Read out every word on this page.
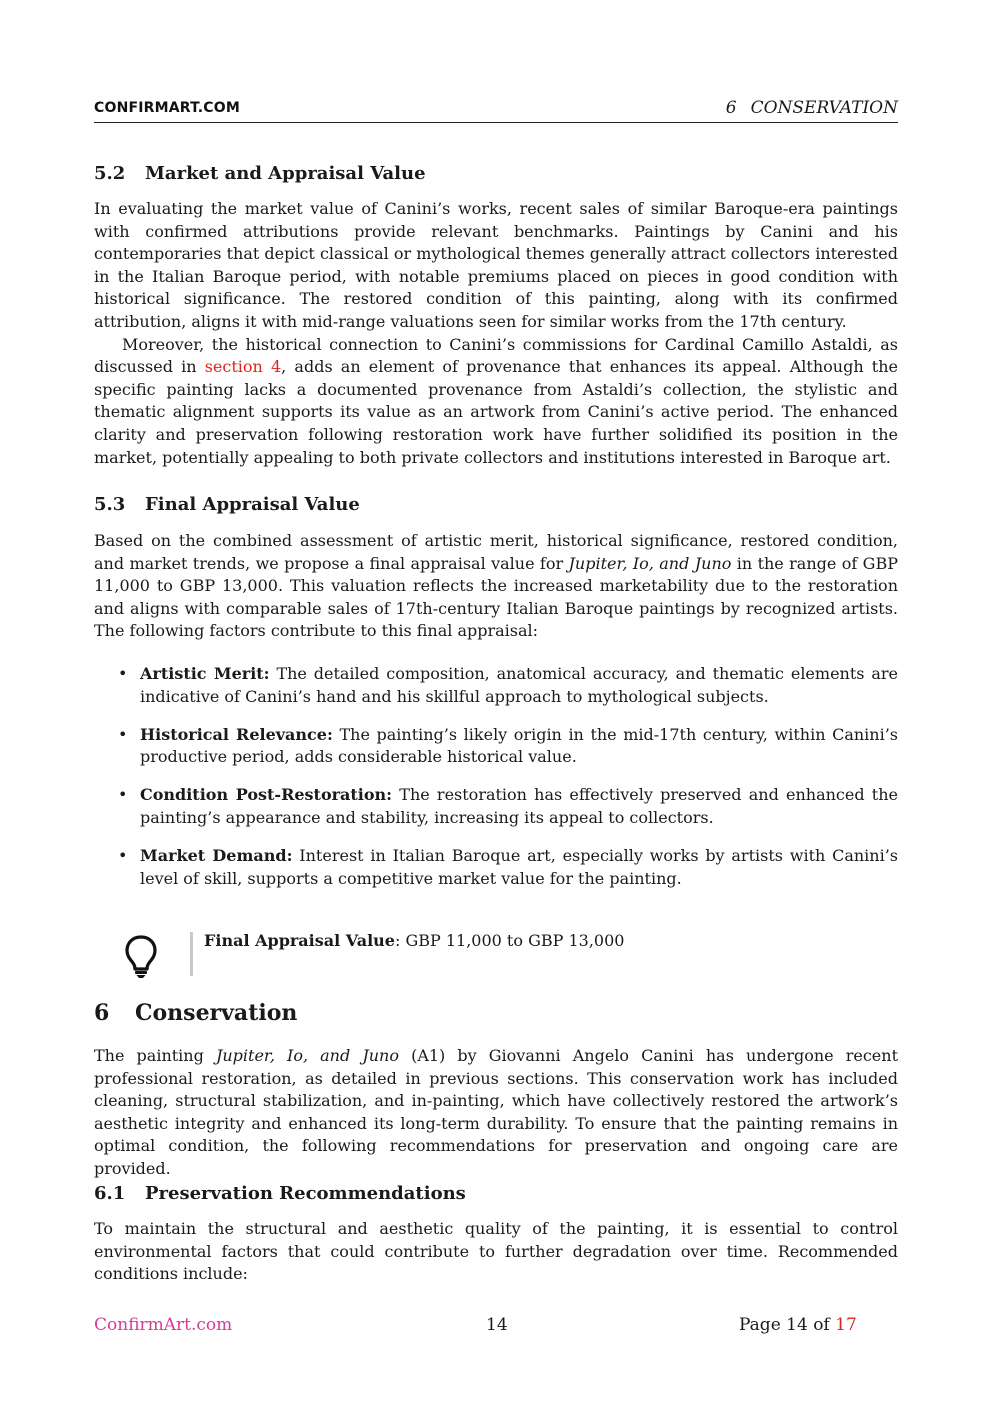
CONFIRMART.COM	6 CONSERVATION
5.2 Market and Appraisal Value

In evaluating the market value of Canini’s works, recent sales of similar Baroque-era paintings with confirmed attributions provide relevant benchmarks. Paintings by Canini and his contemporaries that depict classical or mythological themes generally attract collectors interested in the Italian Baroque period, with notable premiums placed on pieces in good condition with historical significance. The restored condition of this painting, along with its confirmed attribution, aligns it with mid-range valuations seen for similar works from the 17th century.

Moreover, the historical connection to Canini’s commissions for Cardinal Camillo Astaldi, as discussed in section 4, adds an element of provenance that enhances its appeal. Although the specific painting lacks a documented provenance from Astaldi’s collection, the stylistic and thematic alignment supports its value as an artwork from Canini’s active period. The enhanced clarity and preservation following restoration work have further solidified its position in the market, potentially appealing to both private collectors and institutions interested in Baroque art.

5.3 Final Appraisal Value

Based on the combined assessment of artistic merit, historical significance, restored condition, and market trends, we propose a final appraisal value for Jupiter, Io, and Juno in the range of GBP 11,000 to GBP 13,000. This valuation reflects the increased marketability due to the restoration and aligns with comparable sales of 17th-century Italian Baroque paintings by recognized artists. The following factors contribute to this final appraisal:

• Artistic Merit: The detailed composition, anatomical accuracy, and thematic elements are indicative of Canini’s hand and his skillful approach to mythological subjects.
• Historical Relevance: The painting’s likely origin in the mid-17th century, within Canini’s productive period, adds considerable historical value.
• Condition Post-Restoration: The restoration has effectively preserved and enhanced the painting’s appearance and stability, increasing its appeal to collectors.
• Market Demand: Interest in Italian Baroque art, especially works by artists with Canini’s level of skill, supports a competitive market value for the painting.
Final Appraisal Value: GBP 11,000 to GBP 13,000
6 Conservation

The painting Jupiter, Io, and Juno (A1) by Giovanni Angelo Canini has undergone recent professional restoration, as detailed in previous sections. This conservation work has included cleaning, structural stabilization, and in-painting, which have collectively restored the artwork’s aesthetic integrity and enhanced its long-term durability. To ensure that the painting remains in optimal condition, the following recommendations for preservation and ongoing care are provided.

6.1 Preservation Recommendations

To maintain the structural and aesthetic quality of the painting, it is essential to control environmental factors that could contribute to further degradation over time. Recommended conditions include:

ConfirmArt.com	14	Page 14 of 17
